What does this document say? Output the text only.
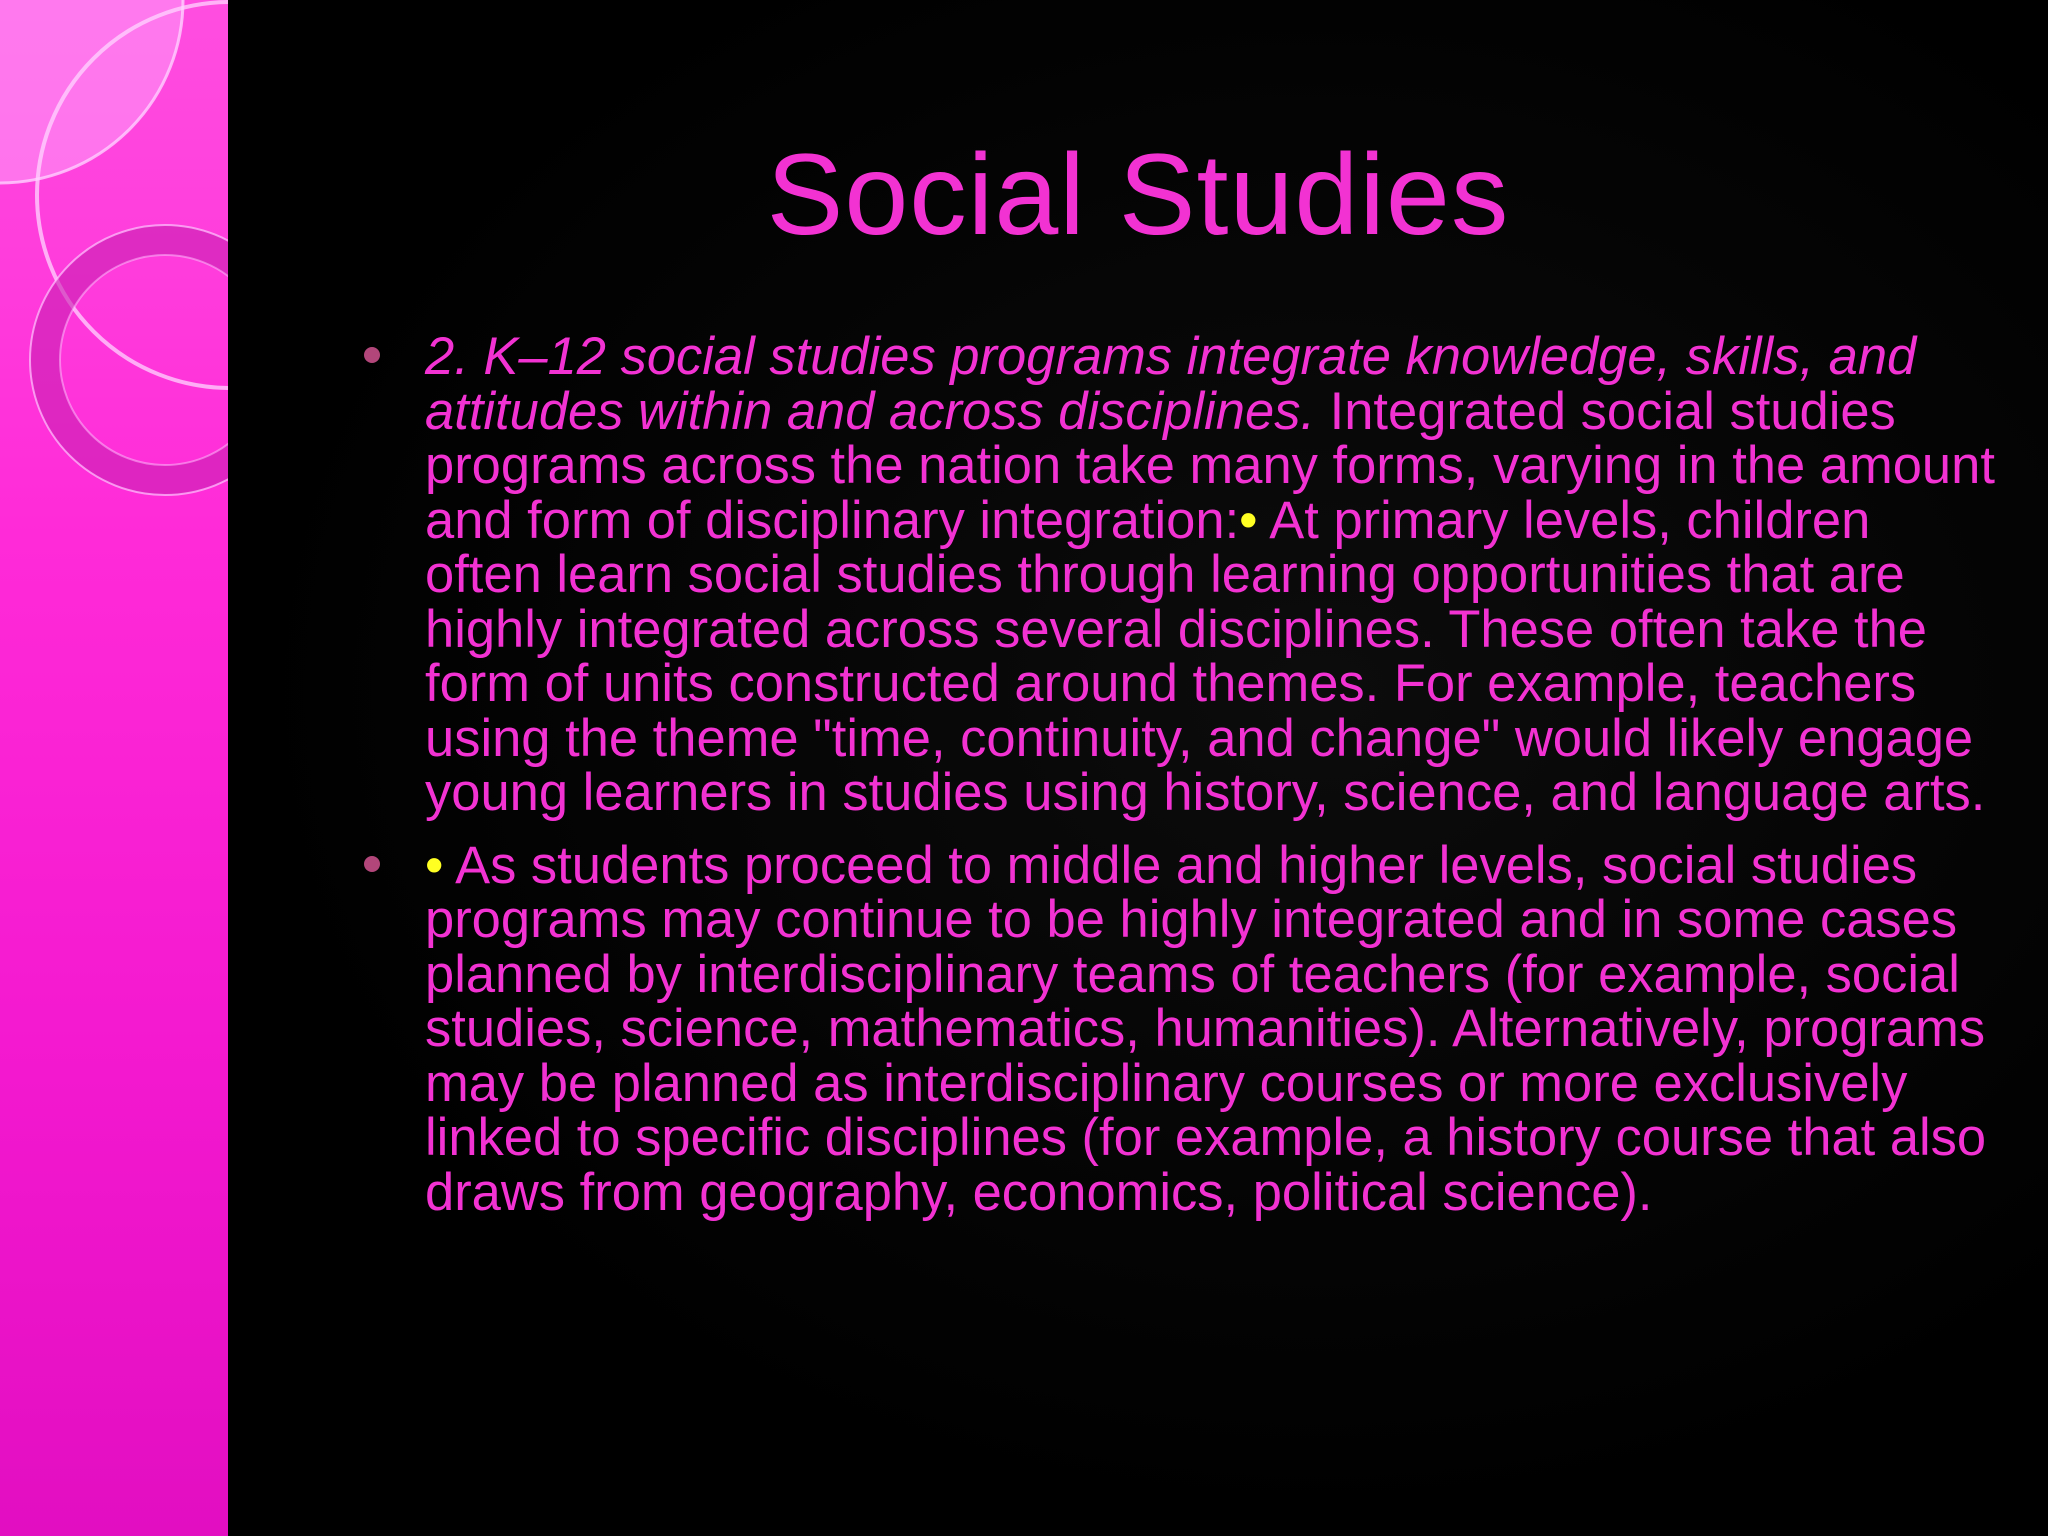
Social Studies
2. K–12 social studies programs integrate knowledge, skills, and attitudes within and across disciplines. Integrated social studies programs across the nation take many forms, varying in the amount and form of disciplinary integration:• At primary levels, children often learn social studies through learning opportunities that are highly integrated across several disciplines. These often take the form of units constructed around themes. For example, teachers using the theme "time, continuity, and change" would likely engage young learners in studies using history, science, and language arts.
• As students proceed to middle and higher levels, social studies programs may continue to be highly integrated and in some cases planned by interdisciplinary teams of teachers (for example, social studies, science, mathematics, humanities). Alternatively, programs may be planned as interdisciplinary courses or more exclusively linked to specific disciplines (for example, a history course that also draws from geography, economics, political science).
